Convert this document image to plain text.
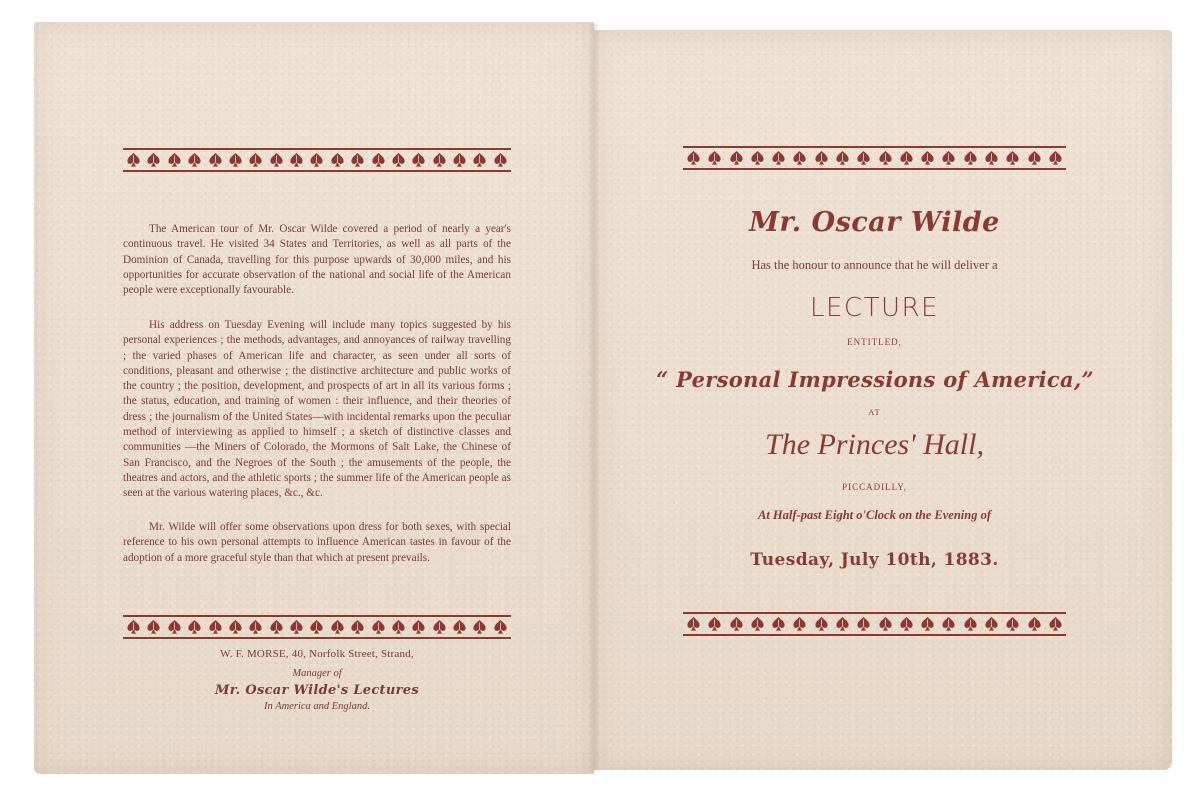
The American tour of Mr. Oscar Wilde covered a period of nearly a year's continuous travel. He visited 34 States and Territories, as well as all parts of the Dominion of Canada, travelling for this purpose upwards of 30,000 miles, and his opportunities for accurate observation of the national and social life of the American people were exceptionally favourable.

His address on Tuesday Evening will include many topics suggested by his personal experiences ; the methods, advantages, and annoyances of railway travelling ; the varied phases of American life and character, as seen under all sorts of conditions, pleasant and otherwise ; the distinctive architecture and public works of the country ; the position, development, and prospects of art in all its various forms ; the status, education, and training of women : their influence, and their theories of dress ; the journalism of the United States—with incidental remarks upon the peculiar method of interviewing as applied to himself ; a sketch of distinctive classes and communities —the Miners of Colorado, the Mormons of Salt Lake, the Chinese of San Francisco, and the Negroes of the South ; the amusements of the people, the theatres and actors, and the athletic sports ; the summer life of the American people as seen at the various watering places, &c., &c.

Mr. Wilde will offer some observations upon dress for both sexes, with special reference to his own personal attempts to influence American tastes in favour of the adoption of a more graceful style than that which at present prevails.

W. F. MORSE, 40, Norfolk Street, Strand,
Manager of
Mr. Oscar Wilde's Lectures
In America and England.
Mr. Oscar Wilde
Has the honour to announce that he will deliver a
LECTURE
ENTITLED,
“ Personal Impressions of America,”
AT
The Princes' Hall,
PICCADILLY,
At Half-past Eight o'Clock on the Evening of
Tuesday, July 10th, 1883.
